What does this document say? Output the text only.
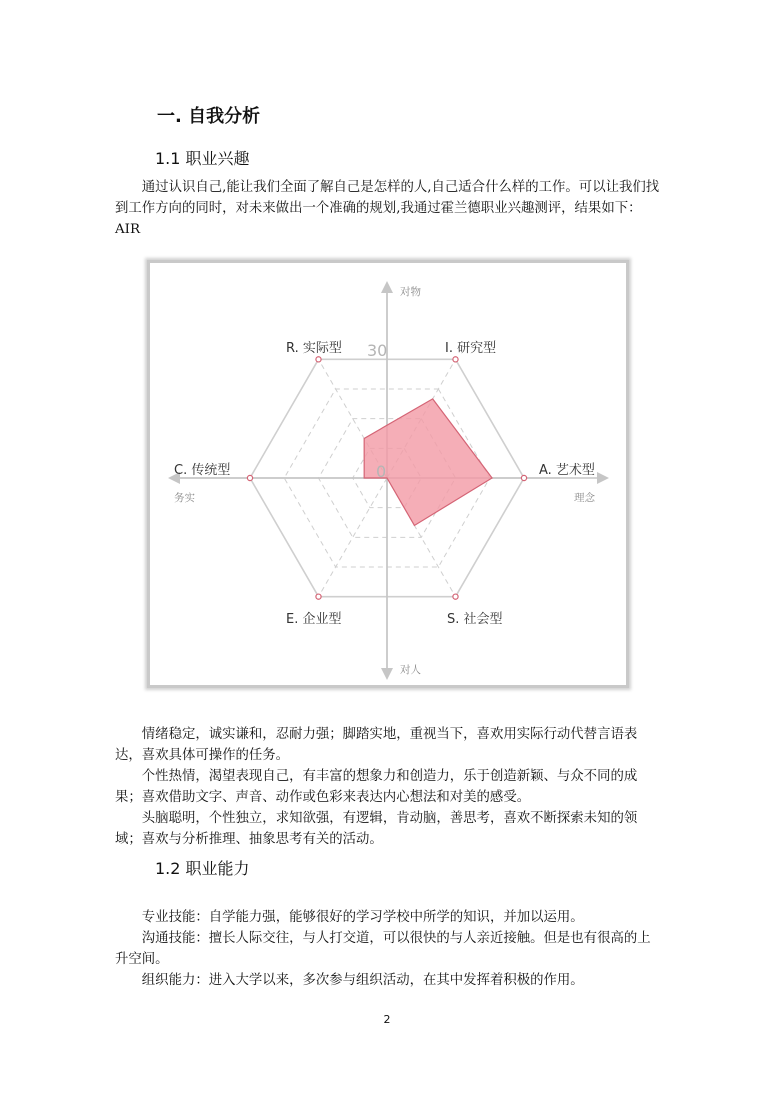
一. 自我分析
1.1 职业兴趣

通过认识自己,能让我们全面了解自己是怎样的人,自己适合什么样的工作。可以让我们找到工作方向的同时，对未来做出一个准确的规划,我通过霍兰德职业兴趣测评，结果如下：AIR

I. 研究型
A. 艺术型
S. 社会型
E. 企业型
C. 传统型
R. 实际型 30
0
对物
对人
务实	理念

情绪稳定，诚实谦和，忍耐力强；脚踏实地，重视当下，喜欢用实际行动代替言语表达，喜欢具体可操作的任务。

个性热情，渴望表现自己，有丰富的想象力和创造力，乐于创造新颖、与众不同的成果；喜欢借助文字、声音、动作或色彩来表达内心想法和对美的感受。

头脑聪明，个性独立，求知欲强，有逻辑，肯动脑，善思考，喜欢不断探索未知的领域；喜欢与分析推理、抽象思考有关的活动。

1.2 职业能力

专业技能：自学能力强，能够很好的学习学校中所学的知识，并加以运用。

沟通技能：擅长人际交往，与人打交道，可以很快的与人亲近接触。但是也有很高的上升空间。

组织能力：进入大学以来，多次参与组织活动，在其中发挥着积极的作用。

2
